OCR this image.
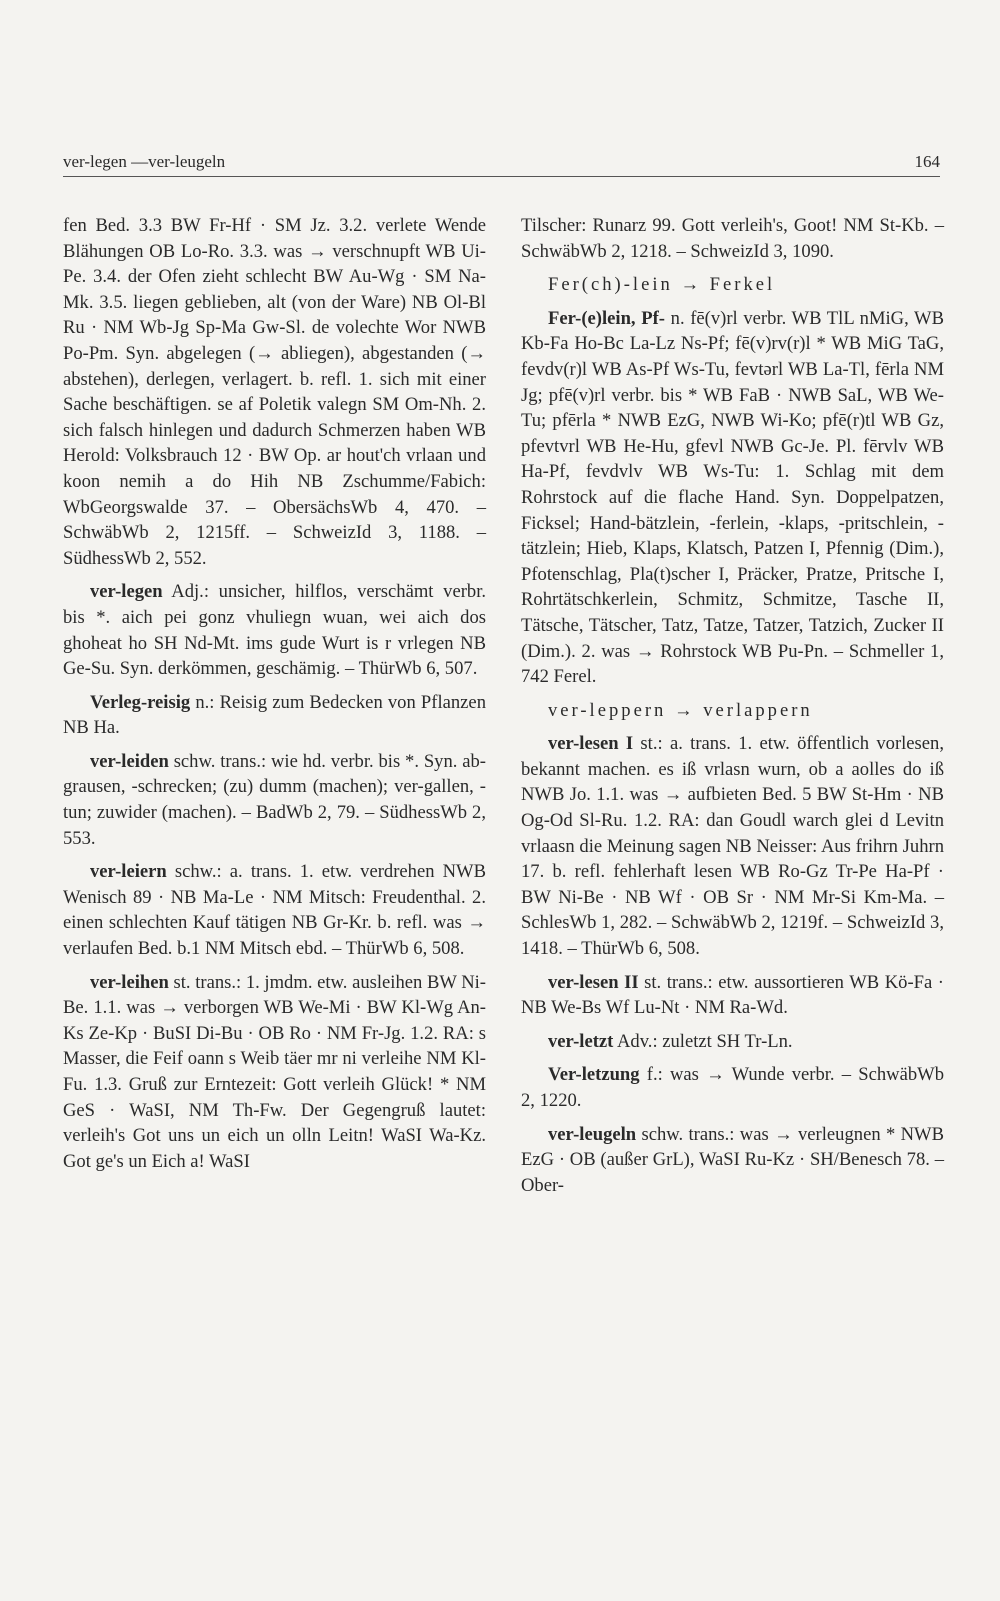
ver-legen —ver-leugeln	164

fen Bed. 3.3 BW Fr-Hf · SM Jz. 3.2. verlete Wende Blähungen OB Lo-Ro. 3.3. was → verschnupft WB Ui-Pe. 3.4. der Ofen zieht schlecht BW Au-Wg · SM Na-Mk. 3.5. liegen geblieben, alt (von der Ware) NB Ol-Bl Ru · NM Wb-Jg Sp-Ma Gw-Sl. de volechte Wor NWB Po-Pm. Syn. abgelegen (→ abliegen), abgestanden (→ abstehen), derlegen, verlagert. b. refl. 1. sich mit einer Sache beschäftigen. se af Poletik valegn SM Om-Nh. 2. sich falsch hinlegen und dadurch Schmerzen haben WB Herold: Volksbrauch 12 · BW Op. ar hout'ch vrlaan und koon nemih a do Hih NB Zschumme/Fabich: WbGeorgswalde 37. – ObersächsWb 4, 470. – SchwäbWb 2, 1215ff. – SchweizId 3, 1188. – SüdhessWb 2, 552.

ver-legen Adj.: unsicher, hilflos, verschämt verbr. bis *. aich pei gonz vhuliegn wuan, wei aich dos ghoheat ho SH Nd-Mt. ims gude Wurt is r vrlegen NB Ge-Su. Syn. derkömmen, geschämig. – ThürWb 6, 507.

Verleg-reisig n.: Reisig zum Bedecken von Pflanzen NB Ha.

ver-leiden schw. trans.: wie hd. verbr. bis *. Syn. ab-grausen, -schrecken; (zu) dumm (machen); ver-gallen, -tun; zuwider (machen). – BadWb 2, 79. – SüdhessWb 2, 553.

ver-leiern schw.: a. trans. 1. etw. verdrehen NWB Wenisch 89 · NB Ma-Le · NM Mitsch: Freudenthal. 2. einen schlechten Kauf tätigen NB Gr-Kr. b. refl. was → verlaufen Bed. b.1 NM Mitsch ebd. – ThürWb 6, 508.

ver-leihen st. trans.: 1. jmdm. etw. ausleihen BW Ni-Be. 1.1. was → verborgen WB We-Mi · BW Kl-Wg An-Ks Ze-Kp · BuSI Di-Bu · OB Ro · NM Fr-Jg. 1.2. RA: s Masser, die Feif oann s Weib täer mr ni verleihe NM Kl-Fu. 1.3. Gruß zur Erntezeit: Gott verleih Glück! * NM GeS · WaSI, NM Th-Fw. Der Gegengruß lautet: verleih's Got uns un eich un olln Leitn! WaSI Wa-Kz. Got ge's un Eich a! WaSI

Tilscher: Runarz 99. Gott verleih's, Goot! NM St-Kb. – SchwäbWb 2, 1218. – SchweizId 3, 1090.

Fer(ch)-lein → Ferkel

Fer-(e)lein, Pf- n. fē(v)rl verbr. WB TlL nMiG, WB Kb-Fa Ho-Bc La-Lz Ns-Pf; fē(v)rv(r)l * WB MiG TaG, fevdv(r)l WB As-Pf Ws-Tu, fevtərl WB La-Tl, fērla NM Jg; pfē(v)rl verbr. bis * WB FaB · NWB SaL, WB We-Tu; pfērla * NWB EzG, NWB Wi-Ko; pfē(r)tl WB Gz, pfevtvrl WB He-Hu, gfevl NWB Gc-Je. Pl. fērvlv WB Ha-Pf, fevdvlv WB Ws-Tu: 1. Schlag mit dem Rohrstock auf die flache Hand. Syn. Doppelpatzen, Ficksel; Hand-bätzlein, -ferlein, -klaps, -pritschlein, -tätzlein; Hieb, Klaps, Klatsch, Patzen I, Pfennig (Dim.), Pfotenschlag, Pla(t)scher I, Präcker, Pratze, Pritsche I, Rohrtätschkerlein, Schmitz, Schmitze, Tasche II, Tätsche, Tätscher, Tatz, Tatze, Tatzer, Tatzich, Zucker II (Dim.). 2. was → Rohrstock WB Pu-Pn. – Schmeller 1, 742 Ferel.

ver-leppern → verlappern

ver-lesen I st.: a. trans. 1. etw. öffentlich vorlesen, bekannt machen. es iß vrlasn wurn, ob a aolles do iß NWB Jo. 1.1. was → aufbieten Bed. 5 BW St-Hm · NB Og-Od Sl-Ru. 1.2. RA: dan Goudl warch glei d Levitn vrlaasn die Meinung sagen NB Neisser: Aus frihrn Juhrn 17. b. refl. fehlerhaft lesen WB Ro-Gz Tr-Pe Ha-Pf · BW Ni-Be · NB Wf · OB Sr · NM Mr-Si Km-Ma. – SchlesWb 1, 282. – SchwäbWb 2, 1219f. – SchweizId 3, 1418. – ThürWb 6, 508.

ver-lesen II st. trans.: etw. aussortieren WB Kö-Fa · NB We-Bs Wf Lu-Nt · NM Ra-Wd.

ver-letzt Adv.: zuletzt SH Tr-Ln.

Ver-letzung f.: was → Wunde verbr. – SchwäbWb 2, 1220.

ver-leugeln schw. trans.: was → verleugnen * NWB EzG · OB (außer GrL), WaSI Ru-Kz · SH/Benesch 78. – Ober-
